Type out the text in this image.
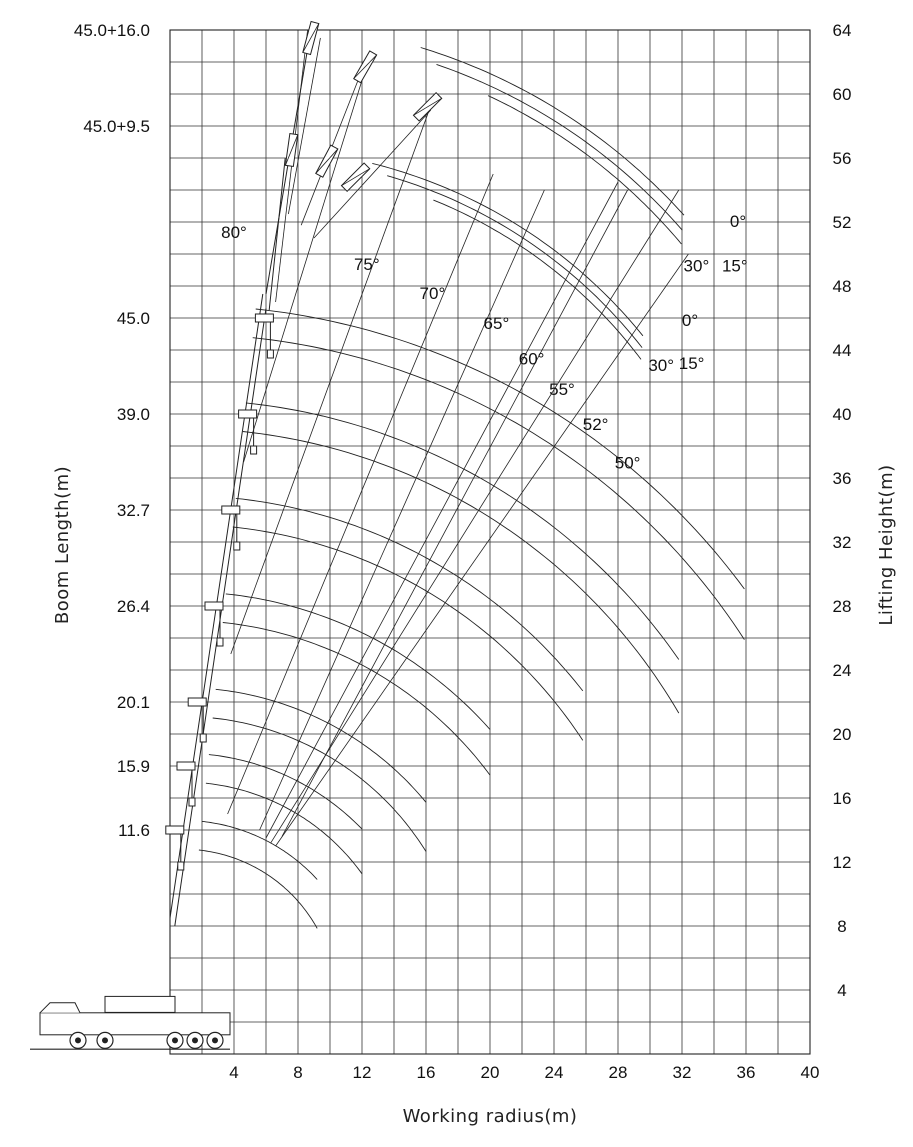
4	8	12	16	20	24	28	32	36	40
4
8
12
16
20
24
28
32
36
40
44
48
52
56
60
64
11.6
15.9
20.1
26.4
32.7
39.0
45.0
45.0+9.5
45.0+16.0
80°
75°
70°
65°
60°
55°
52°
50°
0°
30° 15°
0°
30° 15°
Working radius(m)
Boom Length(m)	Lifting Height(m)
